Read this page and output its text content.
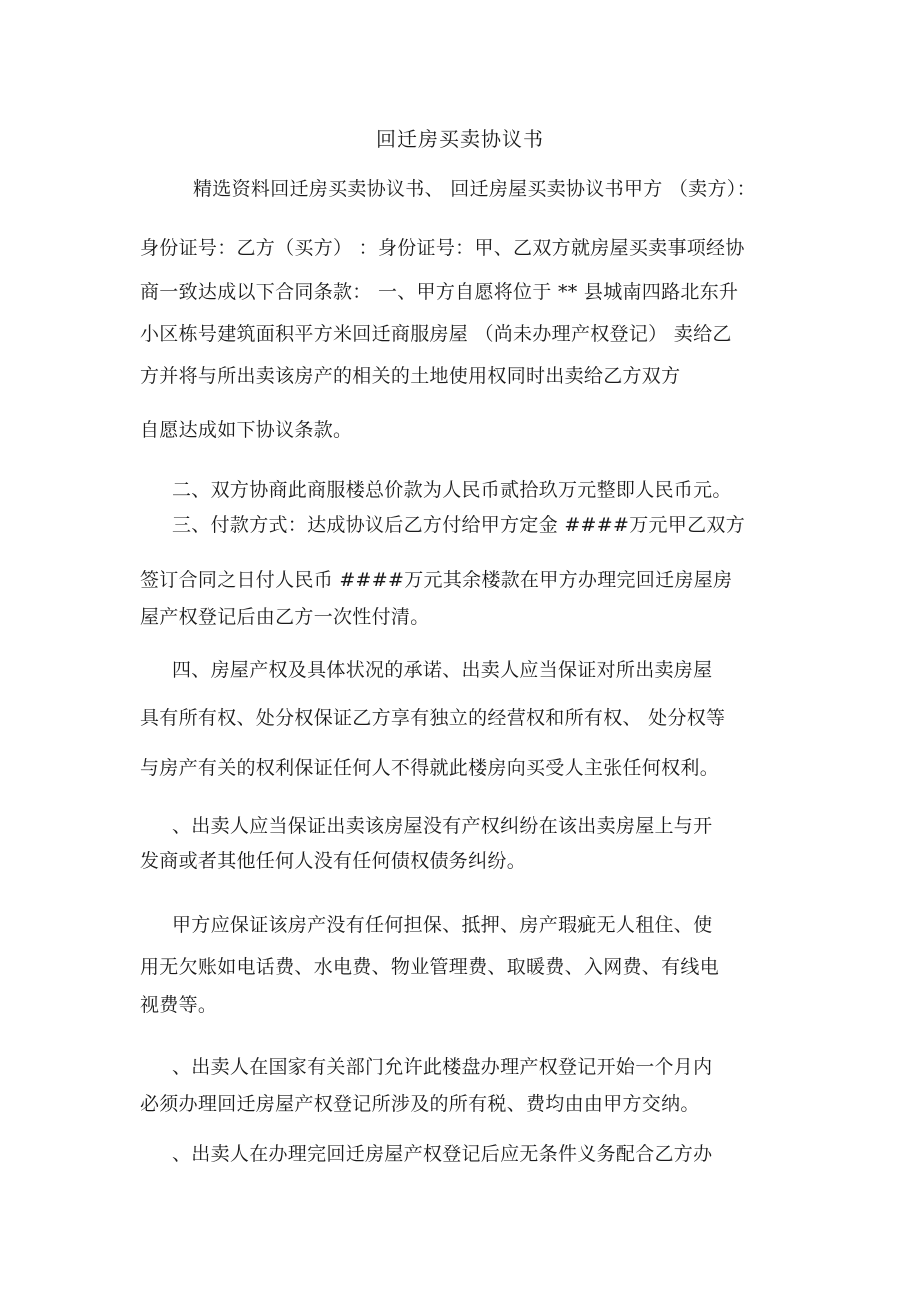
回迁房买卖协议书
精选资料回迁房买卖协议书、 回迁房屋买卖协议书甲方 （卖方）：
身份证号：乙方（买方） ：身份证号：甲、乙双方就房屋买卖事项经协
商一致达成以下合同条款： 一、甲方自愿将位于 ** 县城南四路北东升
小区栋号建筑面积平方米回迁商服房屋 （尚未办理产权登记） 卖给乙
方并将与所出卖该房产的相关的土地使用权同时出卖给乙方双方
自愿达成如下协议条款。
二、双方协商此商服楼总价款为人民币贰拾玖万元整即人民币元。
三、付款方式：达成协议后乙方付给甲方定金 ####万元甲乙双方
签订合同之日付人民币 ####万元其余楼款在甲方办理完回迁房屋房
屋产权登记后由乙方一次性付清。
四、房屋产权及具体状况的承诺、出卖人应当保证对所出卖房屋
具有所有权、处分权保证乙方享有独立的经营权和所有权、 处分权等
与房产有关的权利保证任何人不得就此楼房向买受人主张任何权利。
、出卖人应当保证出卖该房屋没有产权纠纷在该出卖房屋上与开
发商或者其他任何人没有任何债权债务纠纷。
甲方应保证该房产没有任何担保、抵押、房产瑕疵无人租住、使
用无欠账如电话费、水电费、物业管理费、取暖费、入网费、有线电
视费等。
、出卖人在国家有关部门允许此楼盘办理产权登记开始一个月内
必须办理回迁房屋产权登记所涉及的所有税、费均由由甲方交纳。
、出卖人在办理完回迁房屋产权登记后应无条件义务配合乙方办
